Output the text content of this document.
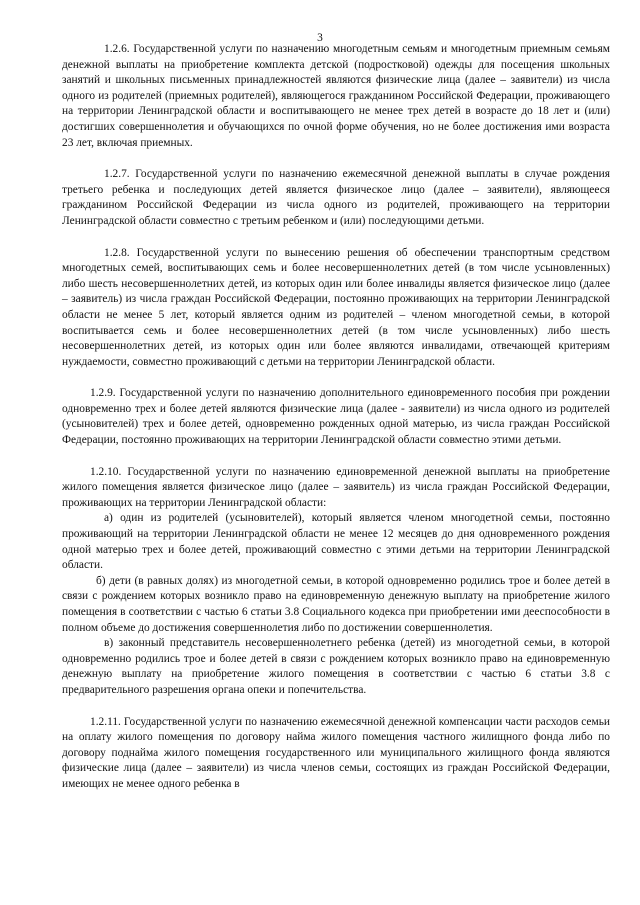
3

1.2.6. Государственной услуги по назначению многодетным семьям и многодетным приемным семьям денежной выплаты на приобретение комплекта детской (подростковой) одежды для посещения школьных занятий и школьных письменных принадлежностей являются физические лица (далее – заявители) из числа одного из родителей (приемных родителей), являющегося гражданином Российской Федерации, проживающего на территории Ленинградской области и воспитывающего не менее трех детей в возрасте до 18 лет и (или) достигших совершеннолетия и обучающихся по очной форме обучения, но не более достижения ими возраста 23 лет, включая приемных.

1.2.7. Государственной услуги по назначению ежемесячной денежной выплаты в случае рождения третьего ребенка и последующих детей является физическое лицо (далее – заявители), являющееся гражданином Российской Федерации из числа одного из родителей, проживающего на территории Ленинградской области совместно с третьим ребенком и (или) последующими детьми.

1.2.8. Государственной услуги по вынесению решения об обеспечении транспортным средством многодетных семей, воспитывающих семь и более несовершеннолетних детей (в том числе усыновленных) либо шесть несовершеннолетних детей, из которых один или более инвалиды является физическое лицо (далее – заявитель) из числа граждан Российской Федерации, постоянно проживающих на территории Ленинградской области не менее 5 лет, который является одним из родителей – членом многодетной семьи, в которой воспитывается семь и более несовершеннолетних детей (в том числе усыновленных) либо шесть несовершеннолетних детей, из которых один или более являются инвалидами, отвечающей критериям нуждаемости, совместно проживающий с детьми на территории Ленинградской области.

1.2.9. Государственной услуги по назначению дополнительного единовременного пособия при рождении одновременно трех и более детей являются физические лица (далее - заявители) из числа одного из родителей (усыновителей) трех и более детей, одновременно рожденных одной матерью, из числа граждан Российской Федерации, постоянно проживающих на территории Ленинградской области совместно этими детьми.

1.2.10. Государственной услуги по назначению единовременной денежной выплаты на приобретение жилого помещения является физическое лицо (далее – заявитель) из числа граждан Российской Федерации, проживающих на территории Ленинградской области:

а) один из родителей (усыновителей), который является членом многодетной семьи, постоянно проживающий на территории Ленинградской области не менее 12 месяцев до дня одновременного рождения одной матерью трех и более детей, проживающий совместно с этими детьми на территории Ленинградской области.

б) дети (в равных долях) из многодетной семьи, в которой одновременно родились трое и более детей в связи с рождением которых возникло право на единовременную денежную выплату на приобретение жилого помещения в соответствии с частью 6 статьи 3.8 Социального кодекса при приобретении ими дееспособности в полном объеме до достижения совершеннолетия либо по достижении совершеннолетия.

в) законный представитель несовершеннолетнего ребенка (детей) из многодетной семьи, в которой одновременно родились трое и более детей в связи с рождением которых возникло право на единовременную денежную выплату на приобретение жилого помещения в соответствии с частью 6 статьи 3.8 с предварительного разрешения органа опеки и попечительства.

1.2.11. Государственной услуги по назначению ежемесячной денежной компенсации части расходов семьи на оплату жилого помещения по договору найма жилого помещения частного жилищного фонда либо по договору поднайма жилого помещения государственного или муниципального жилищного фонда являются физические лица (далее – заявители) из числа членов семьи, состоящих из граждан Российской Федерации, имеющих не менее одного ребенка в
